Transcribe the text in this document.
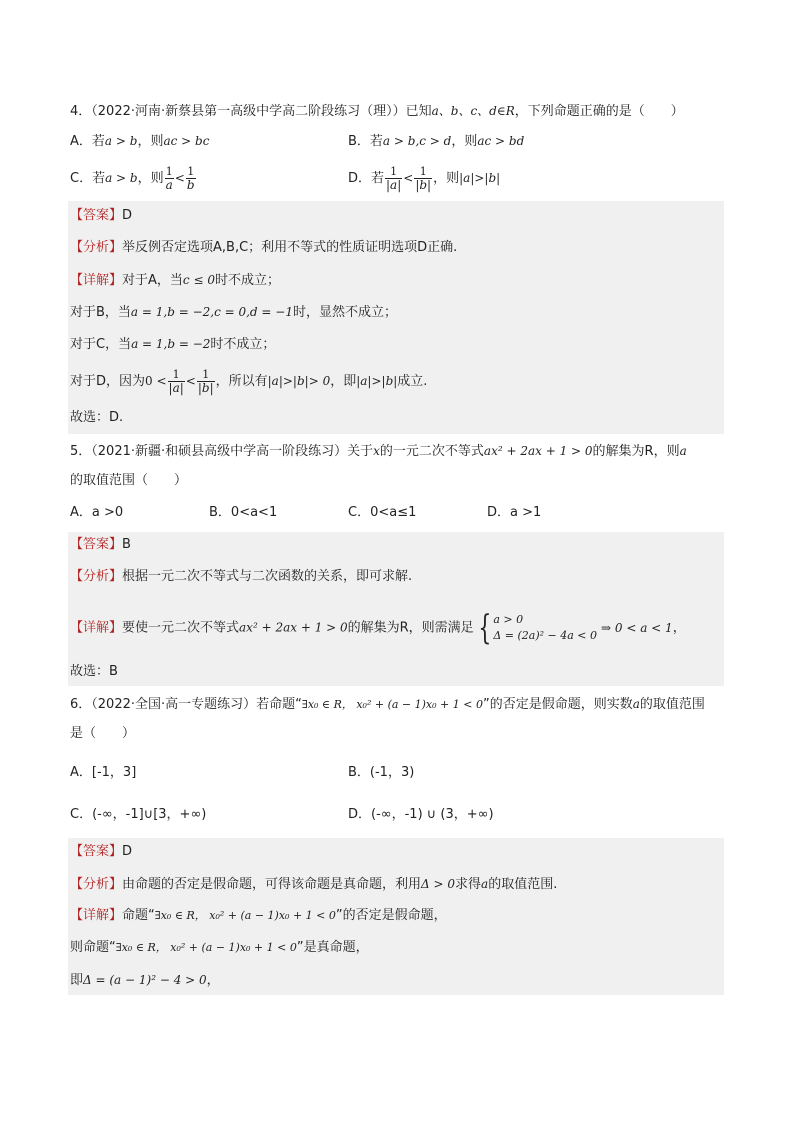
4．（2022·河南·新蔡县第一高级中学高二阶段练习（理））已知a、b、c、d∈R，下列命题正确的是（　　）
A．若a > b，则ac > bc	B．若a > b,c > d，则ac > bd
C．若a > b，则 $\frac{1}{a} < \frac{1}{b}$	D．若 $\frac{1}{|a|} < \frac{1}{|b|}$ ，则|a|>|b|
【答案】D
【分析】举反例否定选项A,B,C；利用不等式的性质证明选项D正确.
【详解】对于A，当c ≤ 0时不成立；
对于B，当a = 1,b = −2,c = 0,d = −1时，显然不成立；
对于C，当a = 1,b = −2时不成立；
对于D，因为$0 < \frac{1}{|a|} < \frac{1}{|b|}$ ，所以有|a|>|b|> 0，即|a|>|b|成立.
故选：D.
5．（2021·新疆·和硕县高级中学高一阶段练习）关于x的一元二次不等式ax² + 2ax + 1 > 0的解集为R，则a
的取值范围（　　）
A．a >0	B．0<a<1	C．0<a≤1	D．a >1
【答案】B
【分析】根据一元二次不等式与二次函数的关系，即可求解.
【详解】要使一元二次不等式ax² + 2ax + 1 > 0的解集为R，则需满足 { a > 0
Δ = (2a)² − 4a < 0
⇒ 0 < a < 1，
故选：B
6．（2022·全国·高一专题练习）若命题“∃x₀ ∈ R， x₀² + (a − 1)x₀ + 1 < 0”的否定是假命题，则实数a的取值范围
是（　　）
A．[-1，3]	B．(-1，3)
C．(-∞，-1]∪[3，+∞)	D．(-∞，-1) ∪ (3，+∞)
【答案】D
【分析】由命题的否定是假命题，可得该命题是真命题，利用Δ > 0求得a的取值范围.
【详解】命题“∃x₀ ∈ R， x₀² + (a − 1)x₀ + 1 < 0”的否定是假命题，
则命题“∃x₀ ∈ R， x₀² + (a − 1)x₀ + 1 < 0”是真命题，
即Δ = (a − 1)² − 4 > 0，
